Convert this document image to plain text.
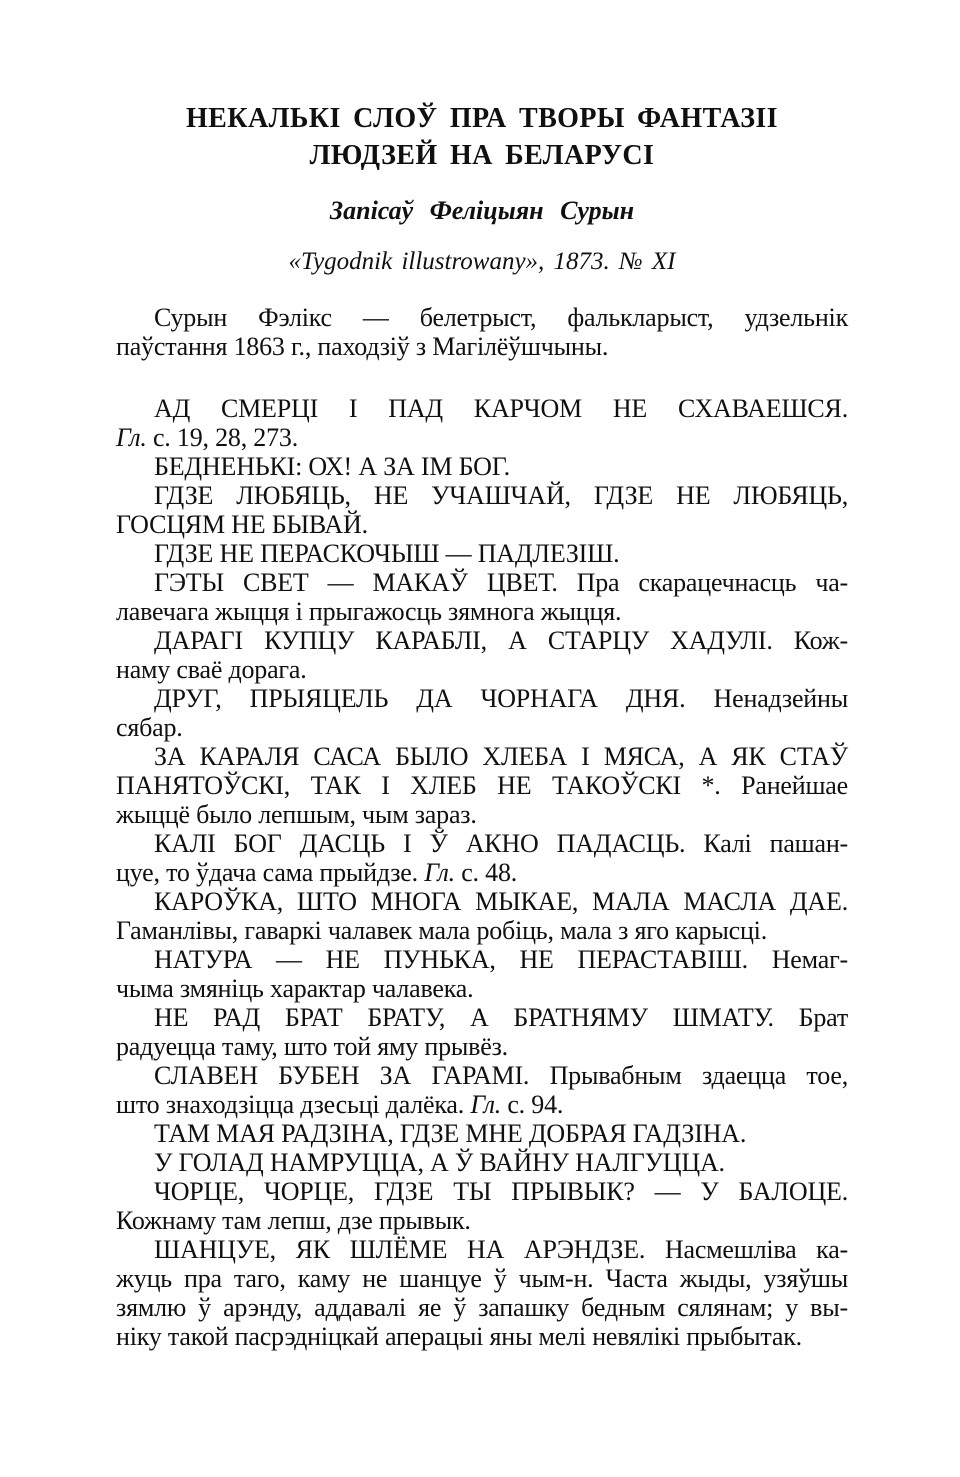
НЕКАЛЬКІ СЛОЎ ПРА ТВОРЫ ФАНТАЗІІ
ЛЮДЗЕЙ НА БЕЛАРУСІ
Запісаў Феліцыян Сурын
«Tygodnik illustrowany», 1873. № XI
Сурын Фэлікс — белетрыст, фалькларыст, удзельнік
паўстання 1863 г., паходзіў з Магілёўшчыны.
АД СМЕРЦІ І ПАД КАРЧОМ НЕ СХАВАЕШСЯ.
Гл. с. 19, 28, 273.
БЕДНЕНЬКІ: ОХ! А ЗА ІМ БОГ.
ГДЗЕ ЛЮБЯЦЬ, НЕ УЧАШЧАЙ, ГДЗЕ НЕ ЛЮБЯЦЬ,
ГОСЦЯМ НЕ БЫВАЙ.
ГДЗЕ НЕ ПЕРАСКОЧЫШ — ПАДЛЕЗІШ.
ГЭТЫ СВЕТ — МАКАЎ ЦВЕТ. Пра скарацечнасць ча-
лавечага жыцця і прыгажосць зямнога жыцця.
ДАРАГІ КУПЦУ КАРАБЛІ, А СТАРЦУ ХАДУЛІ. Кож-
наму сваё дорага.
ДРУГ, ПРЫЯЦЕЛЬ ДА ЧОРНАГА ДНЯ. Ненадзейны
сябар.
ЗА КАРАЛЯ САСА БЫЛО ХЛЕБА І МЯСА, А ЯК СТАЎ
ПАНЯТОЎСКІ, ТАК І ХЛЕБ НЕ ТАКОЎСКІ *. Ранейшае
жыццё было лепшым, чым зараз.
КАЛІ БОГ ДАСЦЬ І Ў АКНО ПАДАСЦЬ. Калі пашан-
цуе, то ўдача сама прыйдзе. Гл. с. 48.
КАРОЎКА, ШТО МНОГА МЫКАЕ, МАЛА МАСЛА ДАЕ.
Гаманлівы, гаваркі чалавек мала робіць, мала з яго карысці.
НАТУРА — НЕ ПУНЬКА, НЕ ПЕРАСТАВІШ. Немаг-
чыма змяніць характар чалавека.
НЕ РАД БРАТ БРАТУ, А БРАТНЯМУ ШМАТУ. Брат
радуецца таму, што той яму прывёз.
СЛАВЕН БУБЕН ЗА ГАРАМІ. Прывабным здаецца тое,
што знаходзіцца дзесьці далёка. Гл. с. 94.
ТАМ МАЯ РАДЗІНА, ГДЗЕ МНЕ ДОБРАЯ ГАДЗІНА.
У ГОЛАД НАМРУЦЦА, А Ў ВАЙНУ НАЛГУЦЦА.
ЧОРЦЕ, ЧОРЦЕ, ГДЗЕ ТЫ ПРЫВЫК? — У БАЛОЦЕ.
Кожнаму там лепш, дзе прывык.
ШАНЦУЕ, ЯК ШЛЁМЕ НА АРЭНДЗЕ. Насмешліва ка-
жуць пра таго, каму не шанцуе ў чым-н. Часта жыды, узяўшы
зямлю ў арэнду, аддавалі яе ў запашку бедным сялянам; у вы-
ніку такой пасрэдніцкай аперацыі яны мелі невялікі прыбытак.
